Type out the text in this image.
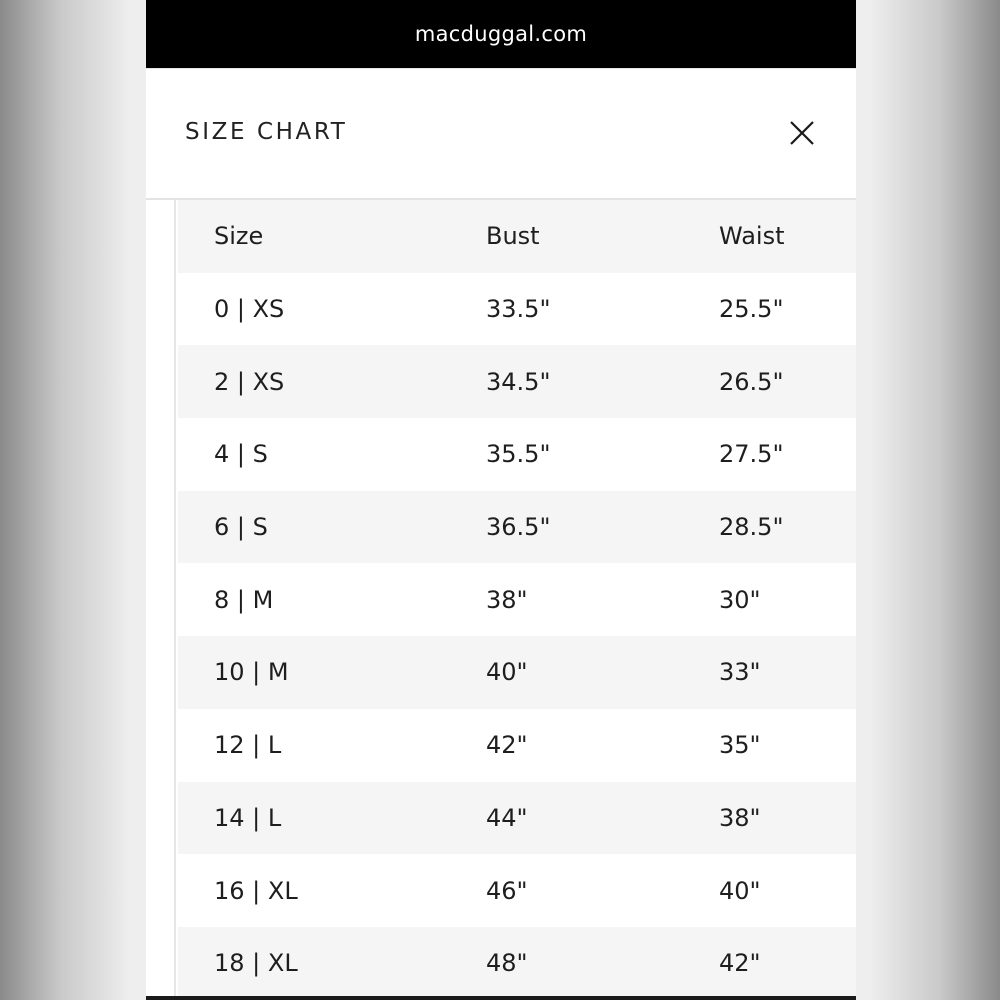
macduggal.com
SIZE CHART
Size	Bust	Waist
0 | XS	33.5"	25.5"
2 | XS	34.5"	26.5"
4 | S	35.5"	27.5"
6 | S	36.5"	28.5"
8 | M	38"	30"
10 | M	40"	33"
12 | L	42"	35"
14 | L	44"	38"
16 | XL	46"	40"
18 | XL	48"	42"
